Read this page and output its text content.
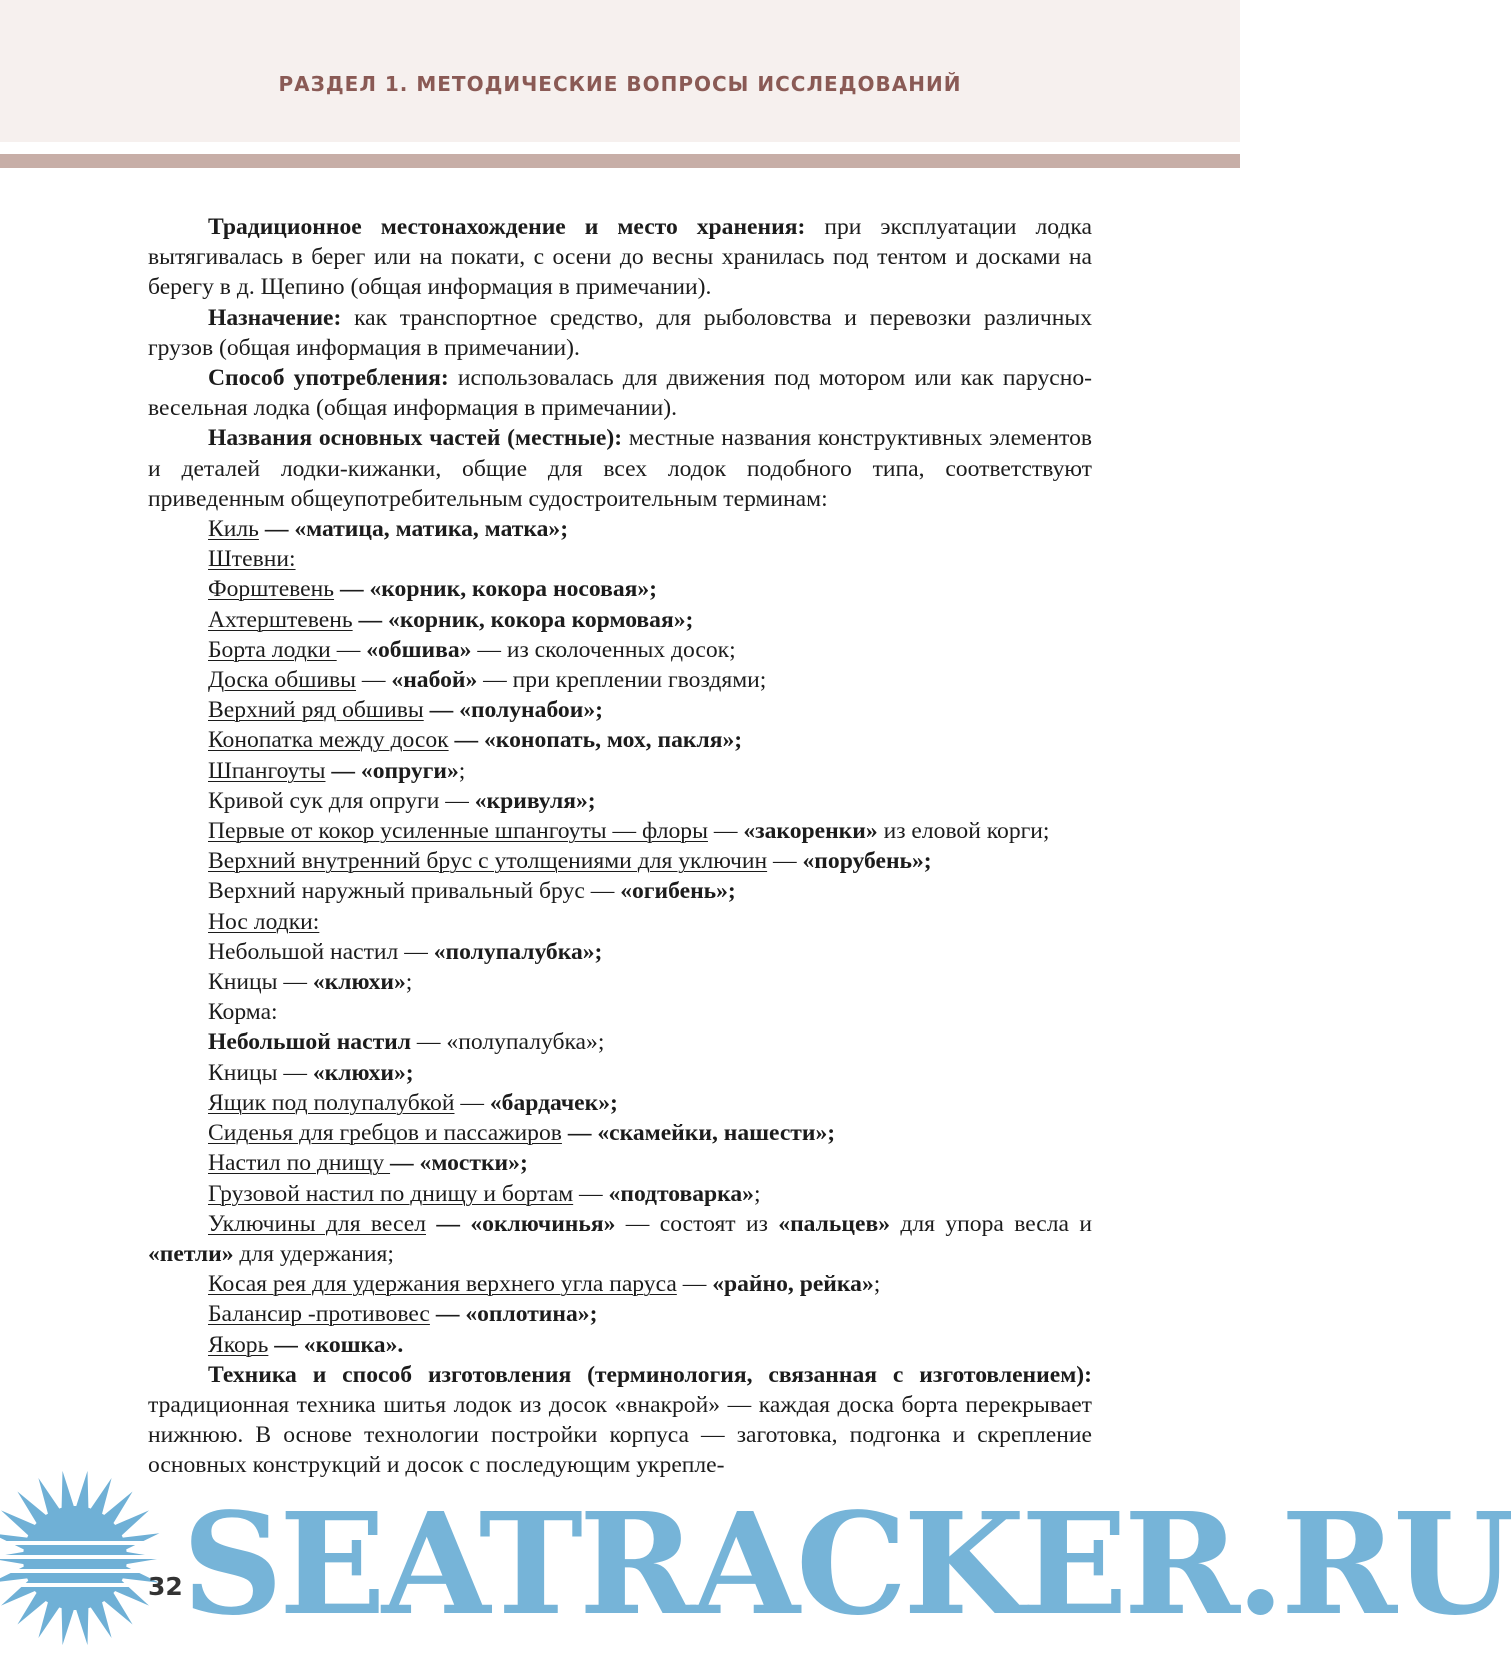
РАЗДЕЛ 1. МЕТОДИЧЕСКИЕ ВОПРОСЫ ИССЛЕДОВАНИЙ

Традиционное местонахождение и место хранения: при эксплуатации лодка вытягивалась в берег или на покати, с осени до весны хранилась под тентом и досками на берегу в д. Щепино (общая информация в примечании).

Назначение: как транспортное средство, для рыболовства и перевозки различных грузов (общая информация в примечании).

Способ употребления: использовалась для движения под мотором или как парусно-весельная лодка (общая информация в примечании).

Названия основных частей (местные): местные названия конструктивных элементов и деталей лодки-кижанки, общие для всех лодок подобного типа, соответствуют приведенным общеупотребительным судостроительным терминам:

Киль — «матица, матика, матка»;

Штевни:

Форштевень — «корник, кокора носовая»;

Ахтерштевень — «корник, кокора кормовая»;

Борта лодки — «обшива» — из сколоченных досок;

Доска обшивы — «набой» — при креплении гвоздями;

Верхний ряд обшивы — «полунабои»;

Конопатка между досок — «конопать, мох, пакля»;

Шпангоуты — «опруги»;

Кривой сук для опруги — «кривуля»;

Первые от кокор усиленные шпангоуты — флоры — «закоренки» из еловой корги;

Верхний внутренний брус с утолщениями для уключин — «порубень»;

Верхний наружный привальный брус — «огибень»;

Нос лодки:

Небольшой настил — «полупалубка»;

Кницы — «клюхи»;

Корма:

Небольшой настил — «полупалубка»;

Кницы — «клюхи»;

Ящик под полупалубкой — «бардачек»;

Сиденья для гребцов и пассажиров — «скамейки, нашести»;

Настил по днищу — «мостки»;

Грузовой настил по днищу и бортам — «подтоварка»;

Уключины для весел — «оключинья» — состоят из «пальцев» для упора весла и «петли» для удержания;

Косая рея для удержания верхнего угла паруса — «райно, рейка»;

Балансир -противовес — «оплотина»;

Якорь — «кошка».

Техника и способ изготовления (терминология, связанная с изготовлением): традиционная техника шитья лодок из досок «внакрой» — каждая доска борта перекрывает нижнюю. В основе технологии постройки корпуса — заготовка, подгонка и скрепление основных конструкций и досок с последующим укрепле-

32 SEATRACKER.RU
